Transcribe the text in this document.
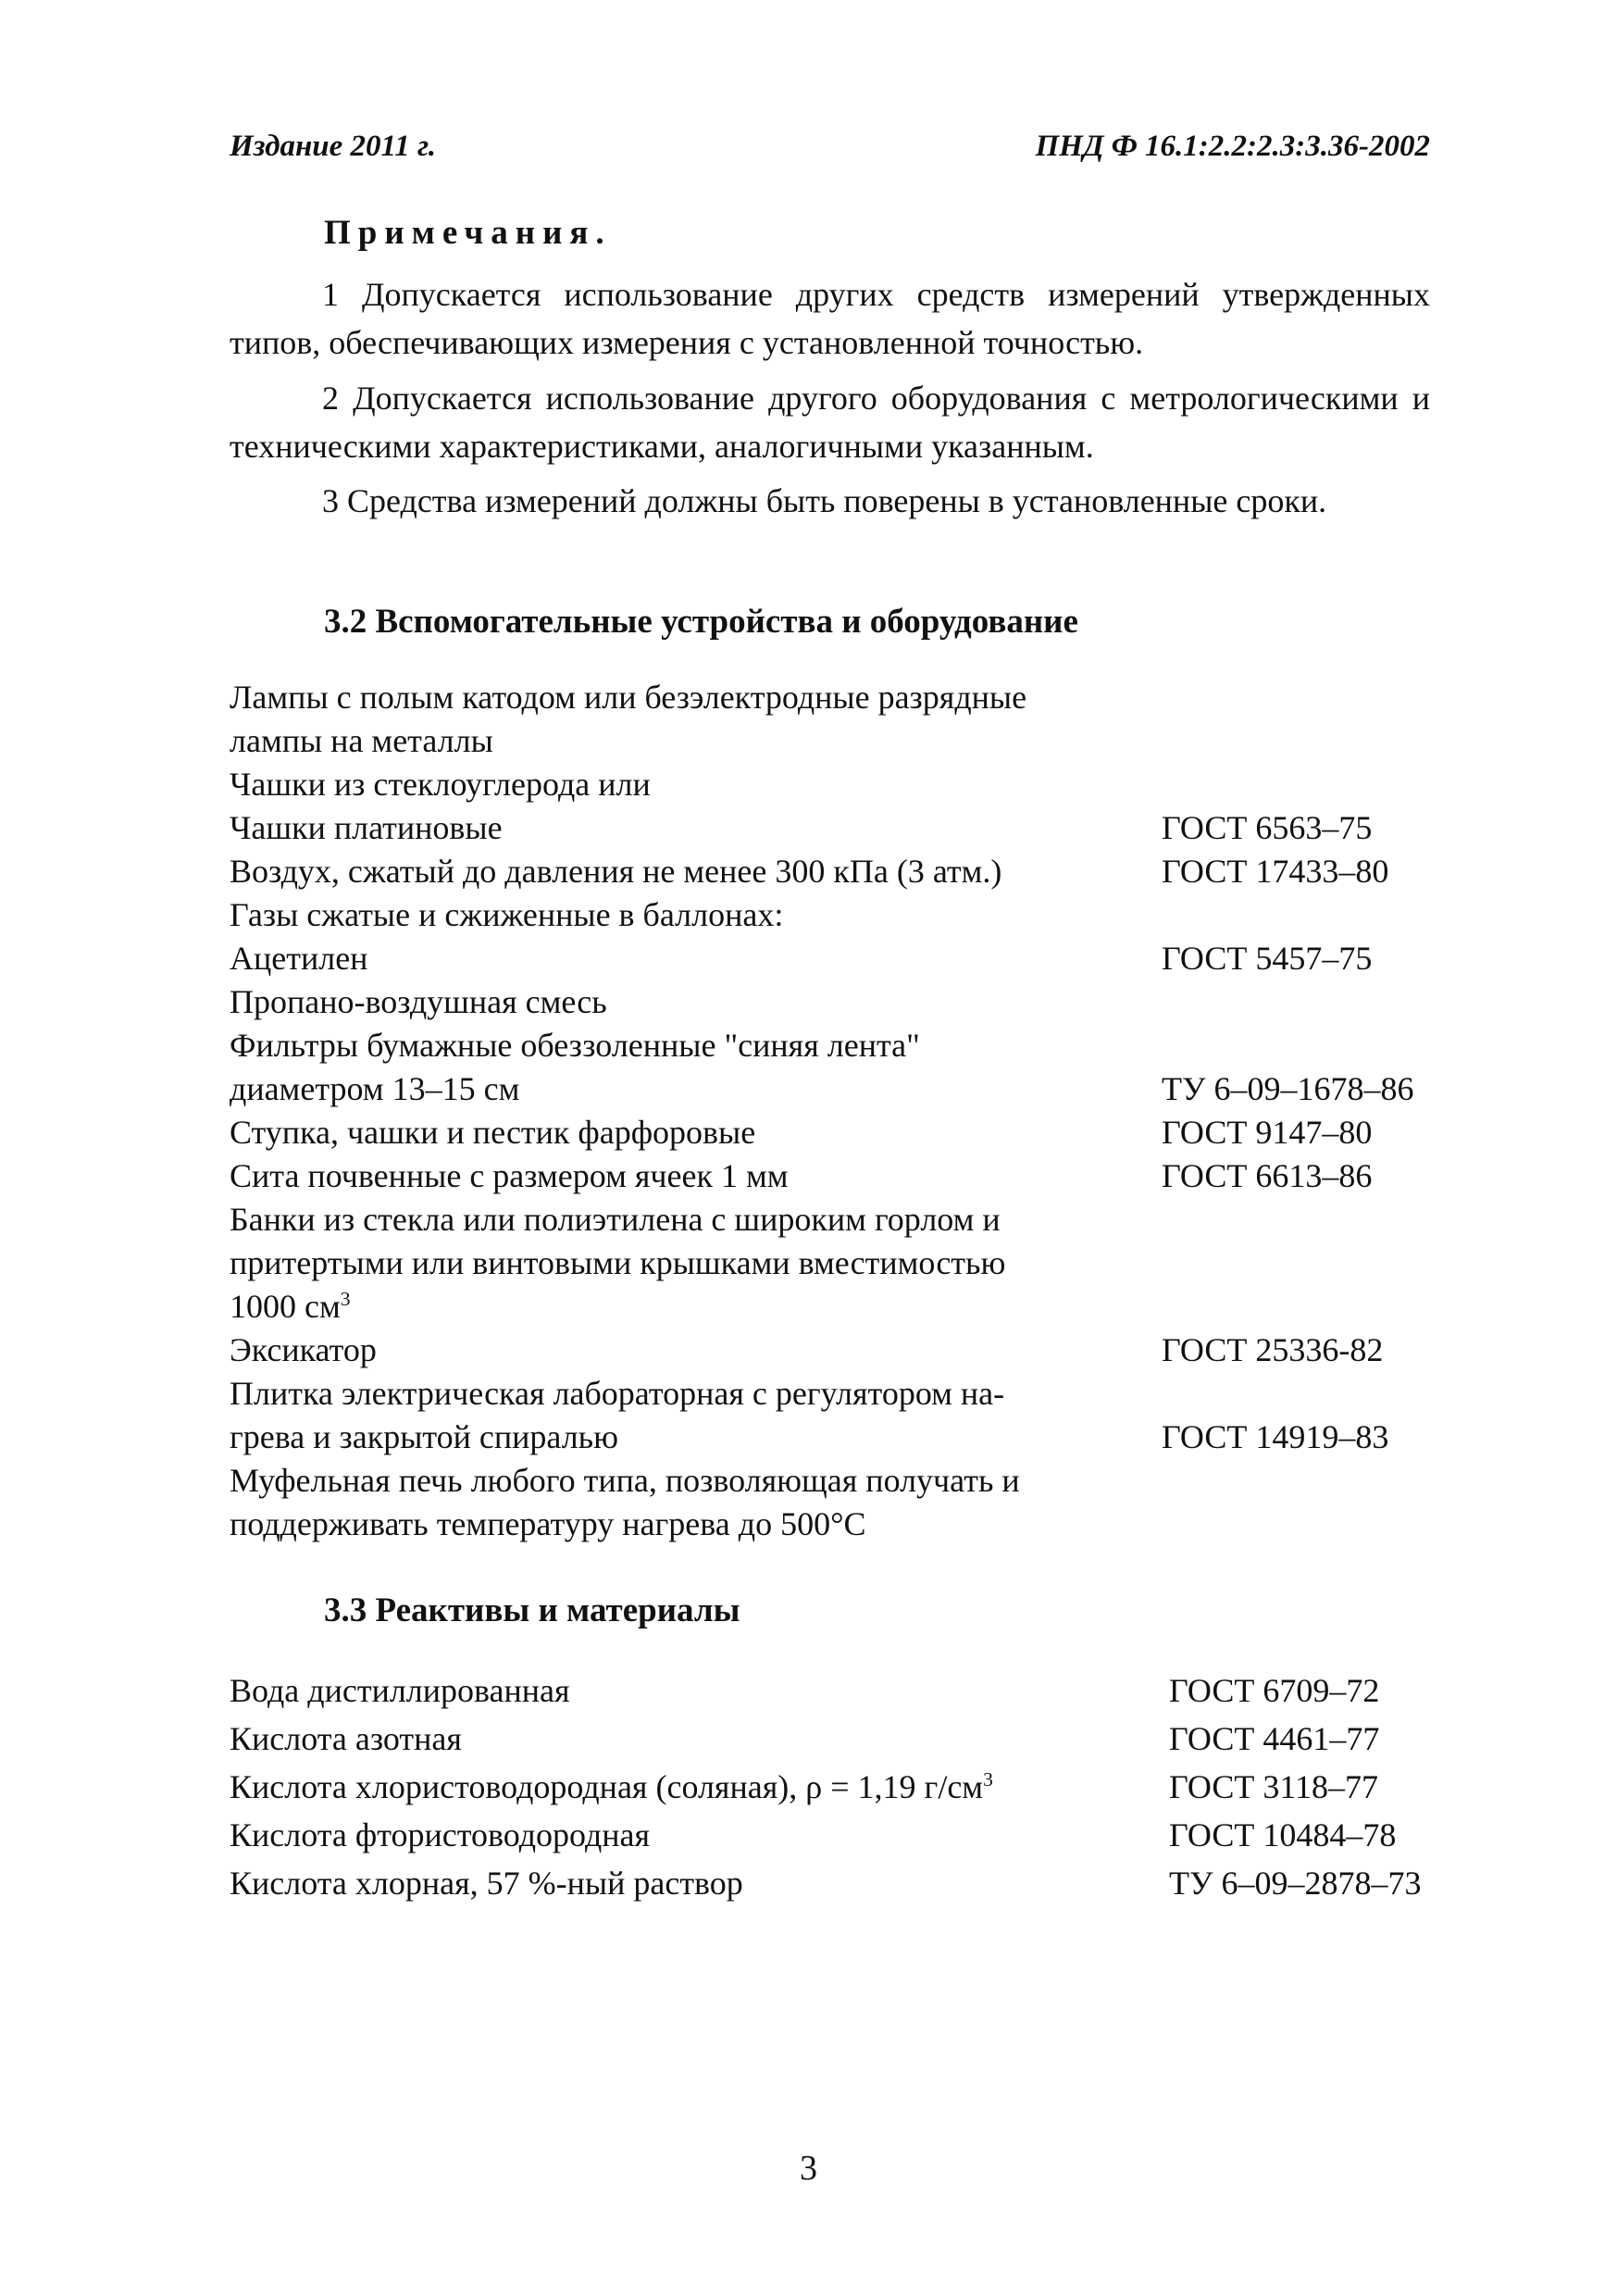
Издание 2011 г.	ПНД Ф 16.1:2.2:2.3:3.36-2002
Примечания.
1 Допускается использование других средств измерений утвержденных типов, обеспечивающих измерения с установленной точностью.
2 Допускается использование другого оборудования с метрологическими и техническими характеристиками, аналогичными указанным.
3 Средства измерений должны быть поверены в установленные сроки.
3.2 Вспомогательные устройства и оборудование
Лампы с полым катодом или безэлектродные разрядные
лампы на металлы
Чашки из стеклоуглерода или
Чашки платиновые	ГОСТ 6563–75
Воздух, сжатый до давления не менее 300 кПа (3 атм.)	ГОСТ 17433–80
Газы сжатые и сжиженные в баллонах:
Ацетилен	ГОСТ 5457–75
Пропано-воздушная смесь
Фильтры бумажные обеззоленные "синяя лента"
диаметром 13–15 см	ТУ 6–09–1678–86
Ступка, чашки и пестик фарфоровые	ГОСТ 9147–80
Сита почвенные с размером ячеек 1 мм	ГОСТ 6613–86
Банки из стекла или полиэтилена с широким горлом и
притертыми или винтовыми крышками вместимостью
1000 $см^3$
Эксикатор	ГОСТ 25336-82
Плитка электрическая лабораторная с регулятором на-
грева и закрытой спиралью	ГОСТ 14919–83
Муфельная печь любого типа, позволяющая получать и
поддерживать температуру нагрева до 500°С
3.3 Реактивы и материалы
Вода дистиллированная	ГОСТ 6709–72
Кислота азотная	ГОСТ 4461–77
Кислота хлористоводородная (соляная), ρ = 1,19 $г/см^3$	ГОСТ 3118–77
Кислота фтористоводородная	ГОСТ 10484–78
Кислота хлорная, 57 %-ный раствор	ТУ 6–09–2878–73
3
